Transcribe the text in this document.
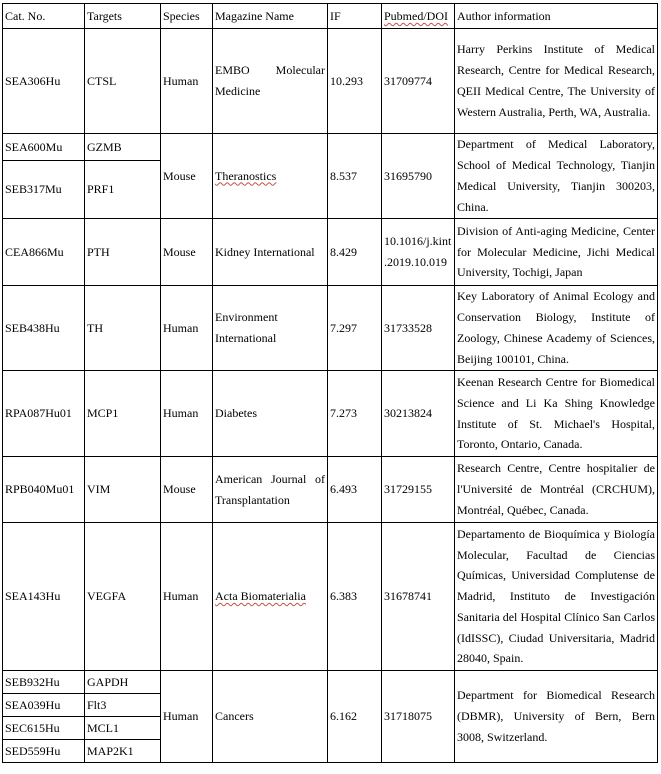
Cat. No.	Targets	Species	Magazine Name	IF	Pubmed/DOI	Author information
SEA306Hu	CTSL	Human	EMBO Molecular Medicine	10.293	31709774	Harry Perkins Institute of Medical Research, Centre for Medical Research, QEII Medical Centre, The University of Western Australia, Perth, WA, Australia.
SEA600Mu	GZMB	Mouse	Theranostics	8.537	31695790	Department of Medical Laboratory, School of Medical Technology, Tianjin Medical University, Tianjin 300203, China.
SEB317Mu	PRF1					
CEA866Mu	PTH	Mouse	Kidney International	8.429	10.1016/j.kint.2019.10.019	Division of Anti-aging Medicine, Center for Molecular Medicine, Jichi Medical University, Tochigi, Japan
SEB438Hu	TH	Human	Environment International	7.297	31733528	Key Laboratory of Animal Ecology and Conservation Biology, Institute of Zoology, Chinese Academy of Sciences, Beijing 100101, China.
RPA087Hu01	MCP1	Human	Diabetes	7.273	30213824	Keenan Research Centre for Biomedical Science and Li Ka Shing Knowledge Institute of St. Michael's Hospital, Toronto, Ontario, Canada.
RPB040Mu01	VIM	Mouse	American Journal of Transplantation	6.493	31729155	Research Centre, Centre hospitalier de l'Université de Montréal (CRCHUM), Montréal, Québec, Canada.
SEA143Hu	VEGFA	Human	Acta Biomaterialia	6.383	31678741	Departamento de Bioquímica y Biología Molecular, Facultad de Ciencias Químicas, Universidad Complutense de Madrid, Instituto de Investigación Sanitaria del Hospital Clínico San Carlos (IdISSC), Ciudad Universitaria, Madrid 28040, Spain.
SEB932Hu	GAPDH	Human	Cancers	6.162	31718075	Department for Biomedical Research (DBMR), University of Bern, Bern 3008, Switzerland.
SEA039Hu	Flt3					
SEC615Hu	MCL1					
SED559Hu	MAP2K1					
